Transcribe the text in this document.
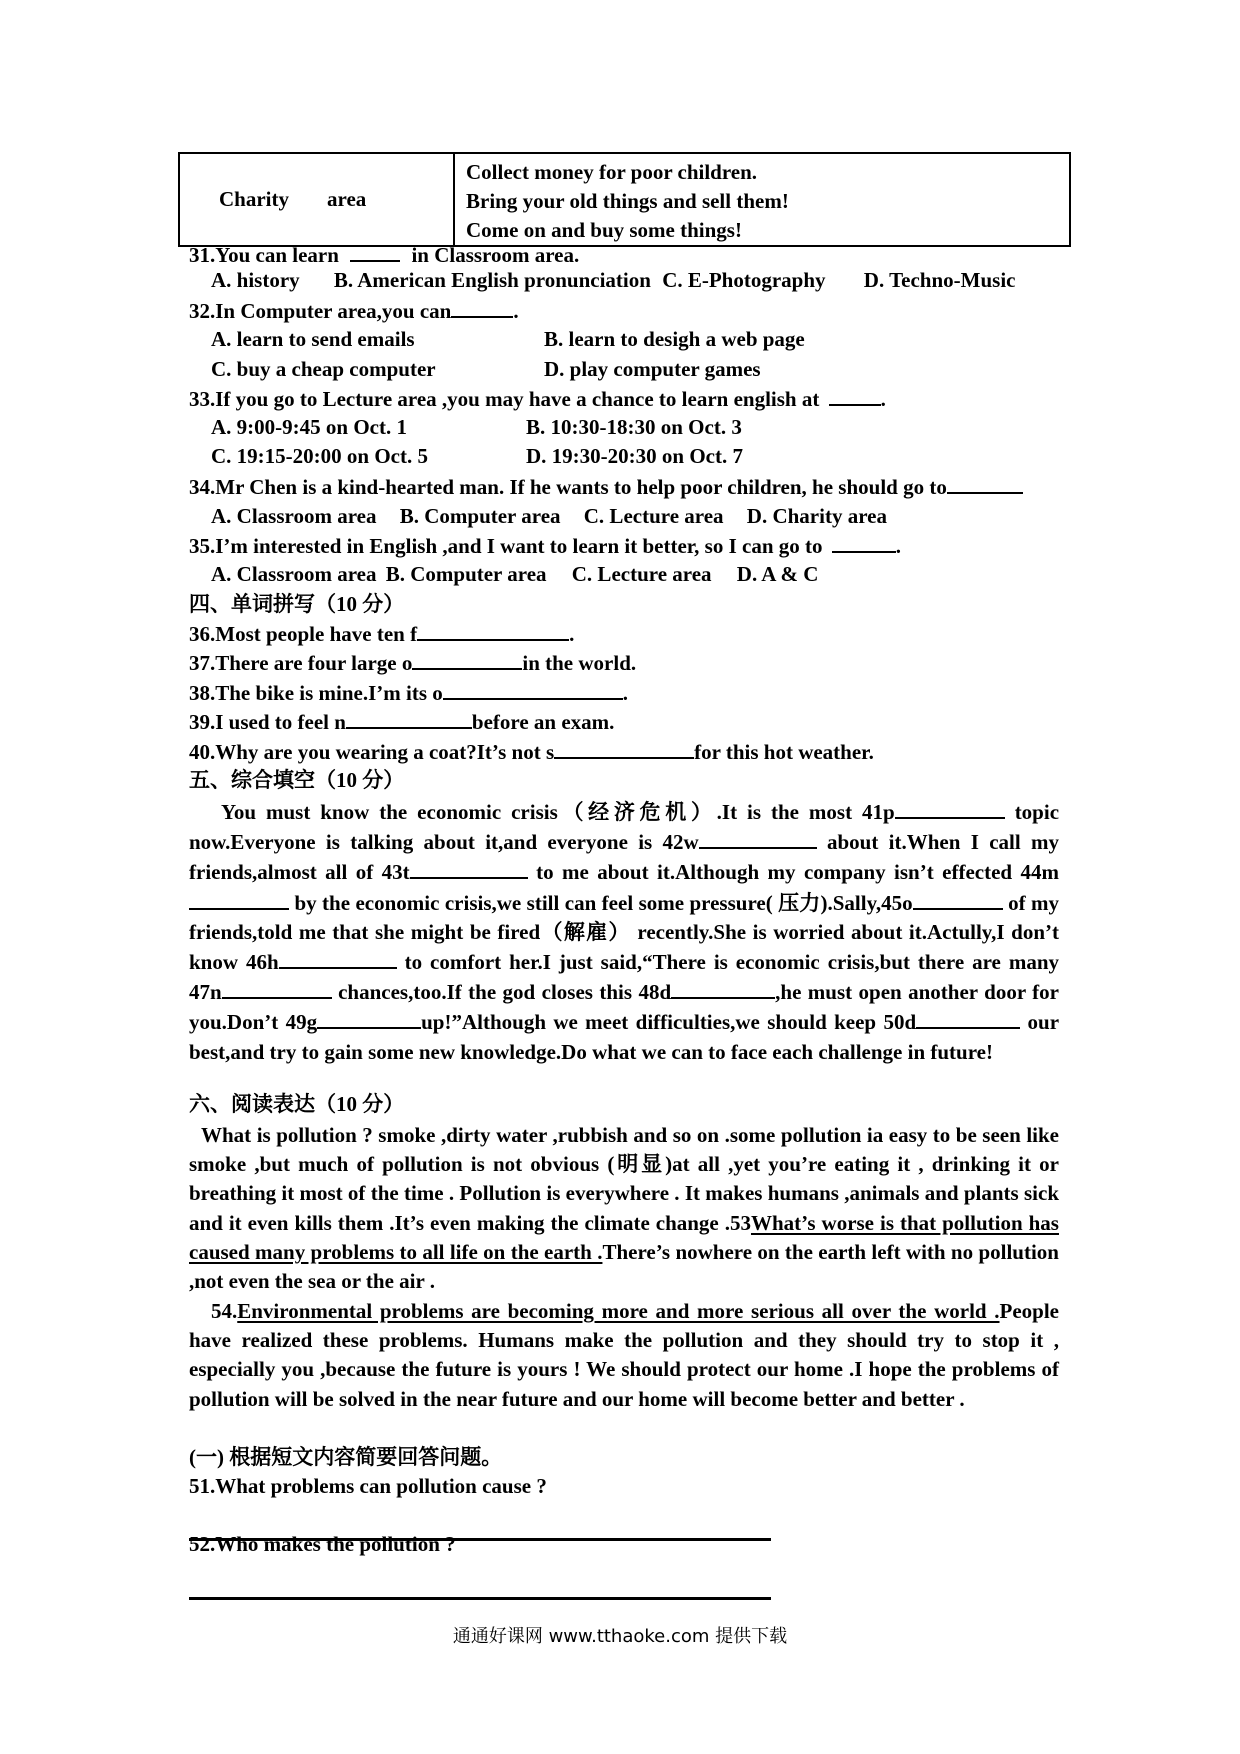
Charity area	
Collect money for poor children.
Bring your old things and sell them!
Come on and buy some things!
31.You can learn	in Classroom area.
A. history B. American English pronunciation C. E-Photography D. Techno-Music
32.In Computer area,you can	.
A. learn to send emails	B. learn to desigh a web page
C. buy a cheap computer	D. play computer games
33.If you go to Lecture area ,you may have a chance to learn english at	.
A. 9:00-9:45 on Oct. 1	B. 10:30-18:30 on Oct. 3
C. 19:15-20:00 on Oct. 5	D. 19:30-20:30 on Oct. 7
34.Mr Chen is a kind-hearted man. If he wants to help poor children, he should go to
A. Classroom area B. Computer area C. Lecture area D. Charity area
35.I’m interested in English ,and I want to learn it better, so I can go to	.
A. Classroom area B. Computer area C. Lecture area D. A & C
四、单词拼写（10 分）
36.Most people have ten f	.
37.There are four large o	in the world.
38.The bike is mine.I’m its o	.
39.I used to feel n	before an exam.
40.Why are you wearing a coat?It’s not s	for this hot weather.
五、综合填空（10 分）
You must know the economic crisis（经济危机）.It is the most 41p	topic now.Everyone is talking about it,and everyone is 42w	about it.When I call my friends,almost all of 43t	to me about it.Although my company isn’t effected 44m by the economic crisis,we still can feel some pressure( 压力).Sally,45o	of my friends,told me that she might be fired（解雇） recently.She is worried about it.Actully,I don’t know 46h	to comfort her.I just said,“There is economic crisis,but there are many 47n	chances,too.If the god closes this 48d	,he must open another door for you.Don’t 49g	up!”Although we meet difficulties,we should keep 50d	our best,and try to gain some new knowledge.Do what we can to face each challenge in future!
六、阅读表达（10 分）
What is pollution ? smoke ,dirty water ,rubbish and so on .some pollution ia easy to be seen like smoke ,but much of pollution is not obvious (明显)at all ,yet you’re eating it , drinking it or breathing it most of the time . Pollution is everywhere . It makes humans ,animals and plants sick and it even kills them .It’s even making the climate change .53What’s worse is that pollution has caused many problems to all life on the earth .There’s nowhere on the earth left with no pollution ,not even the sea or the air .
54.Environmental problems are becoming more and more serious all over the world .People have realized these problems. Humans make the pollution and they should try to stop it , especially you ,because the future is yours ! We should protect our home .I hope the problems of pollution will be solved in the near future and our home will become better and better .
(一) 根据短文内容简要回答问题。
51.What problems can pollution cause ?
52.Who makes the pollution ?
通通好课网 www.tthaoke.com 提供下载
